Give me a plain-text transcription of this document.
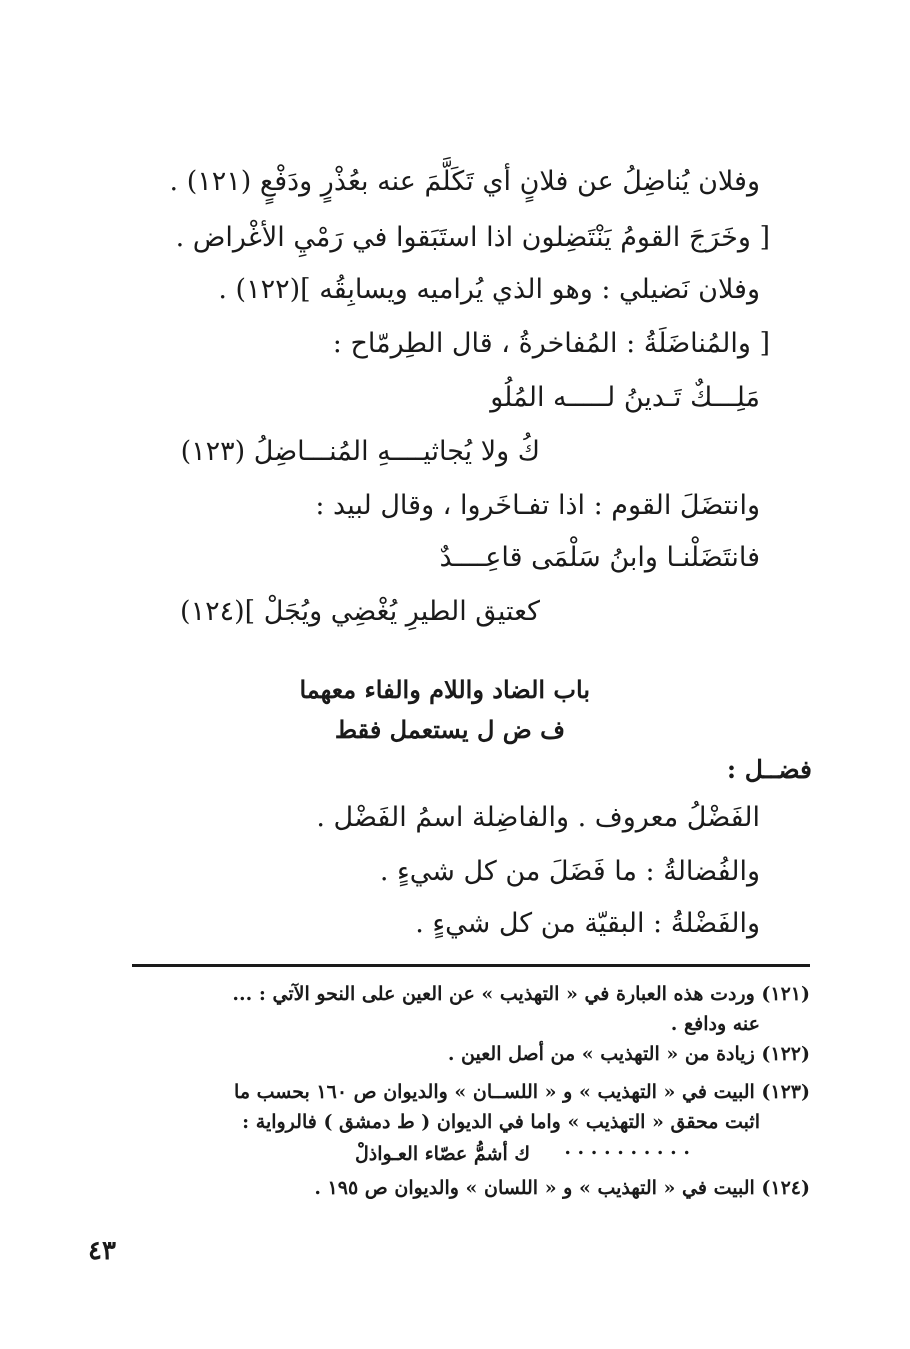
وفلان يُناضِلُ عن فلانٍ أي تَكَلَّمَ عنه بعُذْرٍ ودَفْعٍ (١٢١) .
[ وخَرَجَ القومُ يَنْتَضِلون اذا استَبَقوا في رَمْيِ الأغْراض .
وفلان نَضيلي : وهو الذي يُراميه ويسابِقُه ](١٢٢) .
[ والمُناضَلَةُ : المُفاخرةُ ، قال الطِرمّاح :
مَلِـــكٌ تَـدينُ لـــــه المُلُو
كُ ولا يُجاثيــــهِ المُنـــاضِلُ (١٢٣)
وانتضَلَ القوم : اذا تفـاخَروا ، وقال لبيد :
فانتَضَلْنـا وابنُ سَلْمَى قاعِــــدٌ
كعتيق الطيرِ يُغْضِي ويُجَلْ ](١٢٤)
باب الضاد واللام والفاء معهما
ف ض ل يستعمل فقط
فضــل :
الفَضْلُ معروف . والفاضِلة اسمُ الفَضْل .
والفُضالةُ : ما فَضَلَ من كل شيءٍ .
والفَضْلةُ : البقيّة من كل شيءٍ .
(١٢١) وردت هذه العبارة في « التهذيب » عن العين على النحو الآتي : ...
عنه ودافع .
(١٢٢) زيادة من « التهذيب » من أصل العين .
(١٢٣) البيت في « التهذيب » و « اللســان » والديوان ص ١٦٠ بحسب ما
اثبت محقق « التهذيب » واما في الديوان ( ط دمشق ) فالرواية :
. . . . . . . . . .
ك أشمُّ عصّاء العـواذلْ
(١٢٤) البيت في « التهذيب » و « اللسان » والديوان ص ١٩٥ .
٤٣
